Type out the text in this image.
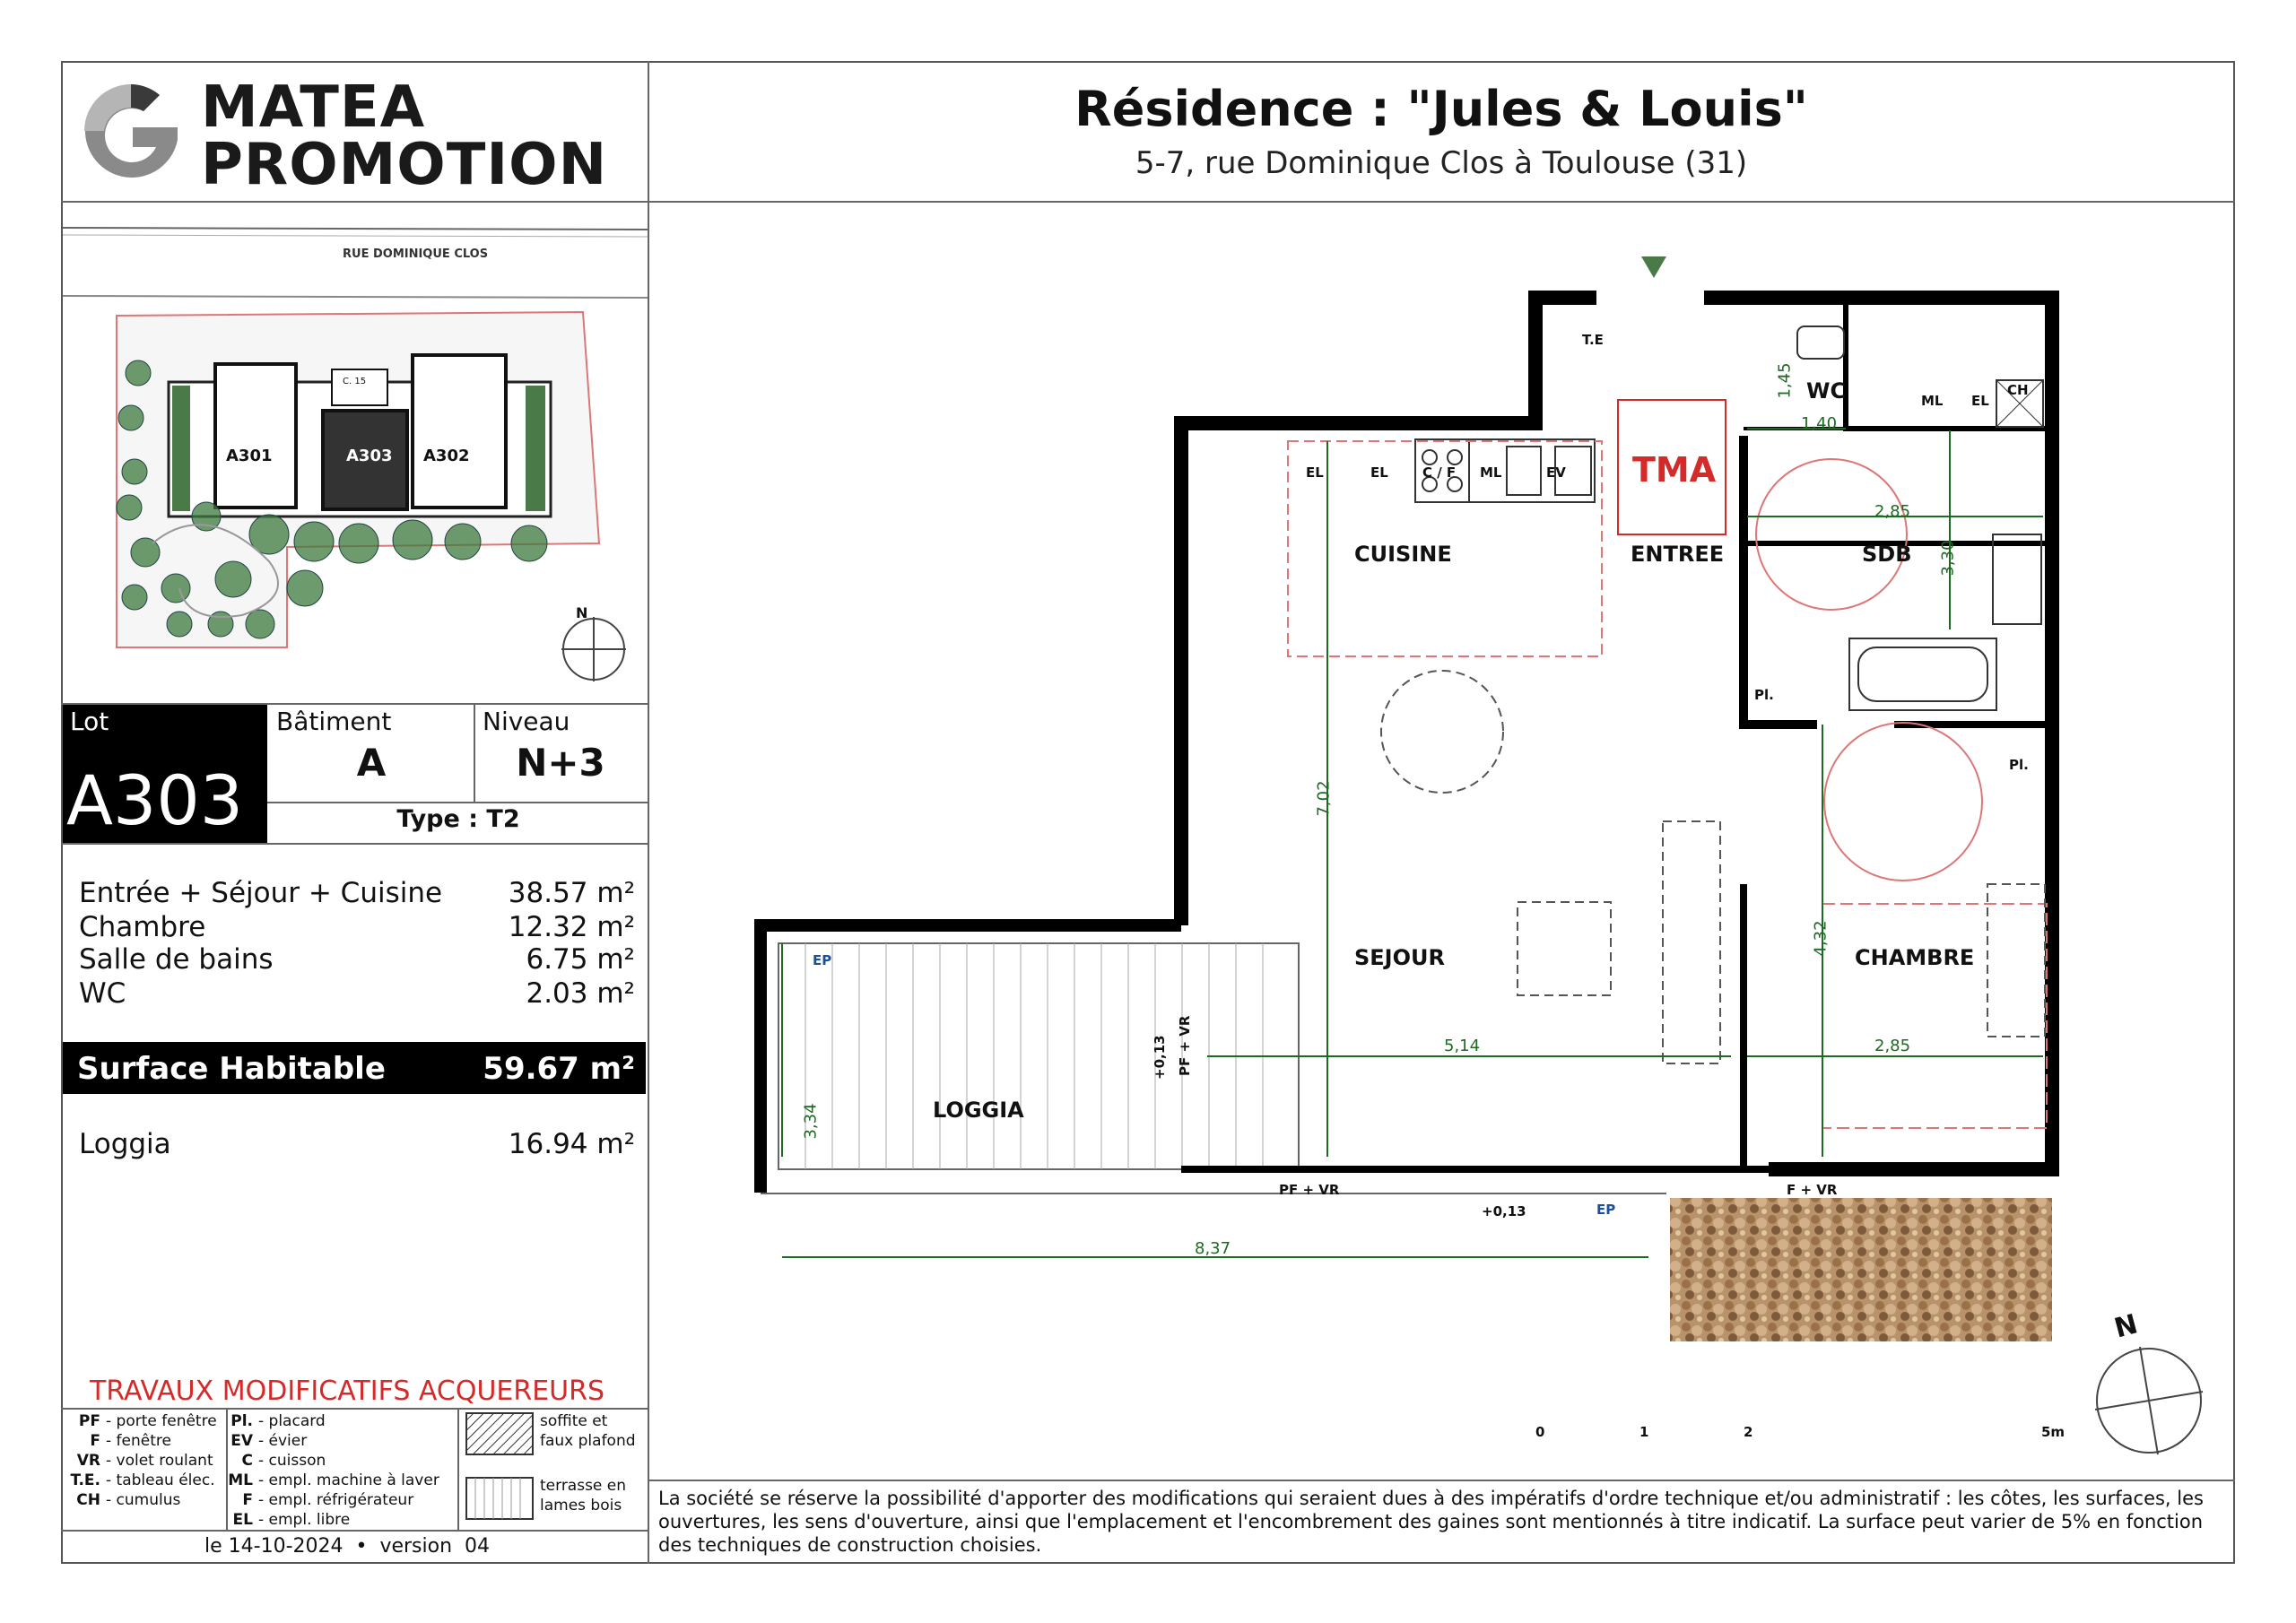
MATEA
PROMOTION
Résidence : "Jules & Louis"
5-7, rue Dominique Clos à Toulouse (31)
RUE DOMINIQUE CLOS
A301	A303 A302
C. 15
N
Lot
A303
Bâtiment
A
Niveau
N+3
Type : T2
Entrée + Séjour + Cuisine 38.57 m²
Chambre	12.32 m²
Salle de bains	6.75 m²
WC	2.03 m²
Surface Habitable	59.67 m²
Loggia	16.94 m²
TRAVAUX MODIFICATIFS ACQUEREURS
PF - porte fenêtre
F - fenêtre
VR - volet roulant
T.E. - tableau élec.
CH - cumulus
Pl. - placard
EV - évier
C - cuisson
ML - empl. machine à laver
F - empl. réfrigérateur
EL - empl. libre
soffite et
faux plafond
terrasse en
lames bois
le 14-10-2024  •  version  04
La société se réserve la possibilité d'apporter des modifications qui seraient dues à des impératifs d'ordre technique et/ou administratif : les côtes, les surfaces, les ouvertures, les sens d'ouverture, ainsi que l'emplacement et l'encombrement des gaines sont mentionnés à titre indicatif. La surface peut varier de 5% en fonction des techniques de construction choisies.
CUISINE	ENTREE	SDB
WC
SEJOUR	CHAMBRE
LOGGIA
TMA
EL	EL	C / F ML	EV
ML EL
CH
T.E
Pl.
Pl.
PF + VR	F + VR
PF + VR
+0,13
+0,13
EP
EP
1,45
1,40
2,85
3,30
7,02
4,32
5,14	2,85
3,34
8,37
0	1	2	5m
N
